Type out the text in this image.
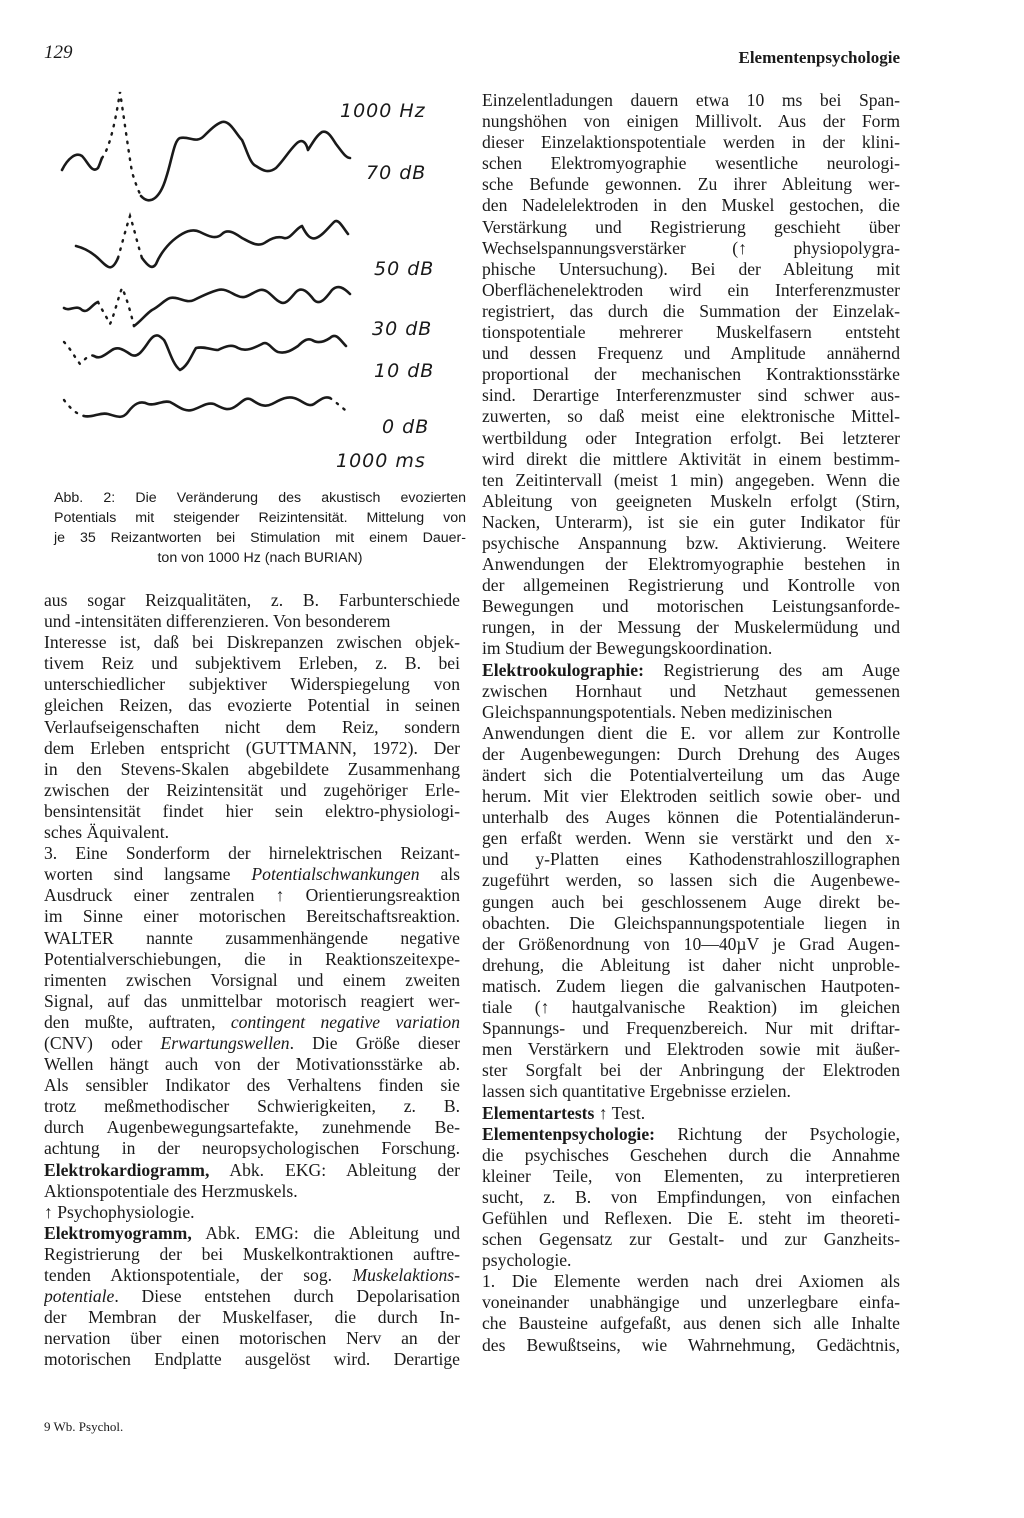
129	Elementenpsychologie
1000 Hz
70 dB
50 dB
30 dB
10 dB
0 dB
1000 ms
Abb. 2: Die Veränderung des akustisch evozierten
Potentials mit steigender Reizintensität. Mittelung von
je 35 Reizantworten bei Stimulation mit einem Dauer-
ton von 1000 Hz (nach BURIAN)
aus sogar Reizqualitäten, z. B. Farbunterschiede
und -intensitäten differenzieren. Von besonderem
Interesse ist, daß bei Diskrepanzen zwischen objek-
tivem Reiz und subjektivem Erleben, z. B. bei
unterschiedlicher subjektiver Widerspiegelung von
gleichen Reizen, das evozierte Potential in seinen
Verlaufseigenschaften nicht dem Reiz, sondern
dem Erleben entspricht (GUTTMANN, 1972). Der
in den Stevens-Skalen abgebildete Zusammenhang
zwischen der Reizintensität und zugehöriger Erle-
bensintensität findet hier sein elektro-physiologi-
sches Äquivalent.
3. Eine Sonderform der hirnelektrischen Reizant-
worten sind langsame Potentialschwankungen als
Ausdruck einer zentralen ↑ Orientierungsreaktion
im Sinne einer motorischen Bereitschaftsreaktion.
WALTER nannte zusammenhängende negative
Potentialverschiebungen, die in Reaktionszeitexpe-
rimenten zwischen Vorsignal und einem zweiten
Signal, auf das unmittelbar motorisch reagiert wer-
den mußte, auftraten, contingent negative variation
(CNV) oder Erwartungswellen. Die Größe dieser
Wellen hängt auch von der Motivationsstärke ab.
Als sensibler Indikator des Verhaltens finden sie
trotz meßmethodischer Schwierigkeiten, z. B.
durch Augenbewegungsartefakte, zunehmende Be-
achtung in der neuropsychologischen Forschung.
Elektrokardiogramm, Abk. EKG: Ableitung der
Aktionspotentiale des Herzmuskels.
↑ Psychophysiologie.
Elektromyogramm, Abk. EMG: die Ableitung und
Registrierung der bei Muskelkontraktionen auftre-
tenden Aktionspotentiale, der sog. Muskelaktions-
potentiale. Diese entstehen durch Depolarisation
der Membran der Muskelfaser, die durch In-
nervation über einen motorischen Nerv an der
motorischen Endplatte ausgelöst wird. Derartige
Einzelentladungen dauern etwa 10 ms bei Span-
nungshöhen von einigen Millivolt. Aus der Form
dieser Einzelaktionspotentiale werden in der klini-
schen Elektromyographie wesentliche neurologi-
sche Befunde gewonnen. Zu ihrer Ableitung wer-
den Nadelelektroden in den Muskel gestochen, die
Verstärkung und Registrierung geschieht über
Wechselspannungsverstärker (↑ physiopolygra-
phische Untersuchung). Bei der Ableitung mit
Oberflächenelektroden wird ein Interferenzmuster
registriert, das durch die Summation der Einzelak-
tionspotentiale mehrerer Muskelfasern entsteht
und dessen Frequenz und Amplitude annähernd
proportional der mechanischen Kontraktionsstärke
sind. Derartige Interferenzmuster sind schwer aus-
zuwerten, so daß meist eine elektronische Mittel-
wertbildung oder Integration erfolgt. Bei letzterer
wird direkt die mittlere Aktivität in einem bestimm-
ten Zeitintervall (meist 1 min) angegeben. Wenn die
Ableitung von geeigneten Muskeln erfolgt (Stirn,
Nacken, Unterarm), ist sie ein guter Indikator für
psychische Anspannung bzw. Aktivierung. Weitere
Anwendungen der Elektromyographie bestehen in
der allgemeinen Registrierung und Kontrolle von
Bewegungen und motorischen Leistungsanforde-
rungen, in der Messung der Muskelermüdung und
im Studium der Bewegungskoordination.
Elektrookulographie: Registrierung des am Auge
zwischen Hornhaut und Netzhaut gemessenen
Gleichspannungspotentials. Neben medizinischen
Anwendungen dient die E. vor allem zur Kontrolle
der Augenbewegungen: Durch Drehung des Auges
ändert sich die Potentialverteilung um das Auge
herum. Mit vier Elektroden seitlich sowie ober- und
unterhalb des Auges können die Potentialänderun-
gen erfaßt werden. Wenn sie verstärkt und den x-
und y-Platten eines Kathodenstrahloszillographen
zugeführt werden, so lassen sich die Augenbewe-
gungen auch bei geschlossenem Auge direkt be-
obachten. Die Gleichspannungspotentiale liegen in
der Größenordnung von 10—40µV je Grad Augen-
drehung, die Ableitung ist daher nicht unproble-
matisch. Zudem liegen die galvanischen Hautpoten-
tiale (↑ hautgalvanische Reaktion) im gleichen
Spannungs- und Frequenzbereich. Nur mit driftar-
men Verstärkern und Elektroden sowie mit äußer-
ster Sorgfalt bei der Anbringung der Elektroden
lassen sich quantitative Ergebnisse erzielen.
Elementartests ↑ Test.
Elementenpsychologie: Richtung der Psychologie,
die psychisches Geschehen durch die Annahme
kleiner Teile, von Elementen, zu interpretieren
sucht, z. B. von Empfindungen, von einfachen
Gefühlen und Reflexen. Die E. steht im theoreti-
schen Gegensatz zur Gestalt- und zur Ganzheits-
psychologie.
1. Die Elemente werden nach drei Axiomen als
voneinander unabhängige und unzerlegbare einfa-
che Bausteine aufgefaßt, aus denen sich alle Inhalte
des Bewußtseins, wie Wahrnehmung, Gedächtnis,
9 Wb. Psychol.
